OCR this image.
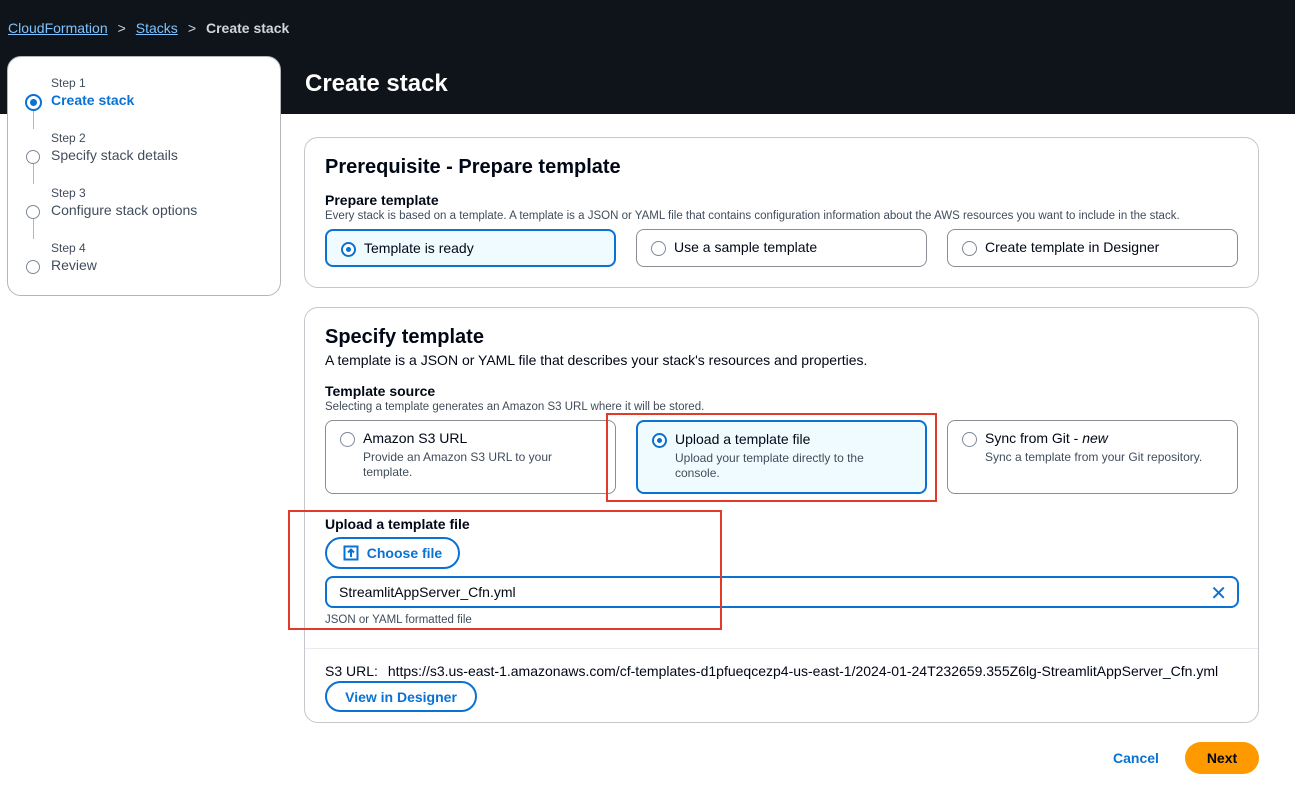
CloudFormation > Stacks > Create stack
Create stack
Step 1
Create stack
Step 2
Specify stack details
Step 3
Configure stack options
Step 4
Review
Prerequisite - Prepare template
Prepare template
Every stack is based on a template. A template is a JSON or YAML file that contains configuration information about the AWS resources you want to include in the stack.
Template is ready	Use a sample template	Create template in Designer
Specify template
A template is a JSON or YAML file that describes your stack's resources and properties.
Template source
Selecting a template generates an Amazon S3 URL where it will be stored.
Amazon S3 URL
Provide an Amazon S3 URL to your template.
Upload a template file
Upload your template directly to the console.
Sync from Git - new
Sync a template from your Git repository.
Upload a template file
Choose file
StreamlitAppServer_Cfn.yml	✕
JSON or YAML formatted file
S3 URL: https://s3.us-east-1.amazonaws.com/cf-templates-d1pfueqcezp4-us-east-1/2024-01-24T232659.355Z6lg-StreamlitAppServer_Cfn.yml
View in Designer
Cancel	Next
